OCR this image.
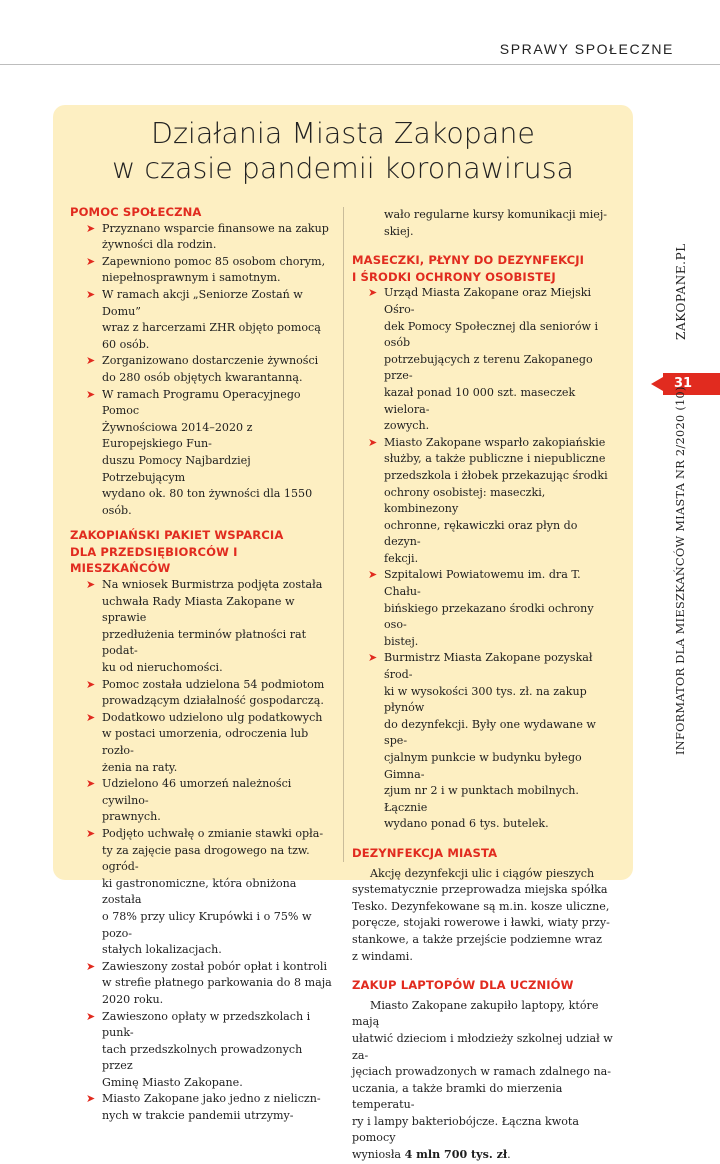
SPRAWY SPOŁECZNE
Działania Miasta Zakopane
w czasie pandemii koronawirusa
POMOC SPOŁECZNA
➤ Przyznano wsparcie finansowe na zakup
żywności dla rodzin.
➤ Zapewniono pomoc 85 osobom chorym,
niepełnosprawnym i samotnym.
➤ W ramach akcji „Seniorze Zostań w Domu”
wraz z harcerzami ZHR objęto pomocą
60 osób.
➤ Zorganizowano dostarczenie żywności
do 280 osób objętych kwarantanną.
➤ W ramach Programu Operacyjnego Pomoc
Żywnościowa 2014–2020 z Europejskiego Fun-
duszu Pomocy Najbardziej Potrzebującym
wydano ok. 80 ton żywności dla 1550 osób.
ZAKOPIAŃSKI PAKIET WSPARCIA
DLA PRZEDSIĘBIORCÓW I MIESZKAŃCÓW
➤ Na wniosek Burmistrza podjęta została
uchwała Rady Miasta Zakopane w sprawie
przedłużenia terminów płatności rat podat-
ku od nieruchomości.
➤ Pomoc została udzielona 54 podmiotom
prowadzącym działalność gospodarczą.
➤ Dodatkowo udzielono ulg podatkowych
w postaci umorzenia, odroczenia lub rozło-
żenia na raty.
➤ Udzielono 46 umorzeń należności cywilno-
prawnych.
➤ Podjęto uchwałę o zmianie stawki opła-
ty za zajęcie pasa drogowego na tzw. ogród-
ki gastronomiczne, która obniżona została
o 78% przy ulicy Krupówki i o 75% w pozo-
stałych lokalizacjach.
➤ Zawieszony został pobór opłat i kontroli
w strefie płatnego parkowania do 8 maja
2020 roku.
➤ Zawieszono opłaty w przedszkolach i punk-
tach przedszkolnych prowadzonych przez
Gminę Miasto Zakopane.
➤ Miasto Zakopane jako jedno z nieliczn-
nych w trakcie pandemii utrzymy-

wało regularne kursy komunikacji miej-

skiej.

MASECZKI, PŁYNY DO DEZYNFEKCJI
I ŚRODKI OCHRONY OSOBISTEJ
➤ Urząd Miasta Zakopane oraz Miejski Ośro-
dek Pomocy Społecznej dla seniorów i osób
potrzebujących z terenu Zakopanego prze-
kazał ponad 10 000 szt. maseczek wielora-
zowych.
➤ Miasto Zakopane wsparło zakopiańskie
służby, a także publiczne i niepubliczne
przedszkola i żłobek przekazując środki
ochrony osobistej: maseczki, kombinezony
ochronne, rękawiczki oraz płyn do dezyn-
fekcji.
➤ Szpitalowi Powiatowemu im. dra T. Chału-
bińskiego przekazano środki ochrony oso-
bistej.
➤ Burmistrz Miasta Zakopane pozyskał środ-
ki w wysokości 300 tys. zł. na zakup płynów
do dezynfekcji. Były one wydawane w spe-
cjalnym punkcie w budynku byłego Gimna-
zjum nr 2 i w punktach mobilnych. Łącznie
wydano ponad 6 tys. butelek.
DEZYNFEKCJA MIASTA

Akcję dezynfekcji ulic i ciągów pieszych

systematycznie przeprowadza miejska spółka

Tesko. Dezynfekowane są m.in. kosze uliczne,

poręcze, stojaki rowerowe i ławki, wiaty przy-

stankowe, a także przejście podziemne wraz

z windami.

ZAKUP LAPTOPÓW DLA UCZNIÓW

Miasto Zakopane zakupiło laptopy, które mają

ułatwić dzieciom i młodzieży szkolnej udział w za-

jęciach prowadzonych w ramach zdalnego na-

uczania, a także bramki do mierzenia temperatu-

ry i lampy bakteriobójcze. Łączna kwota pomocy

wyniosła 4 mln 700 tys. zł.

ZAKOPANE.PL
31
INFORMATOR DLA MIESZKAŃCÓW MIASTA NR 2/2020 (10)
